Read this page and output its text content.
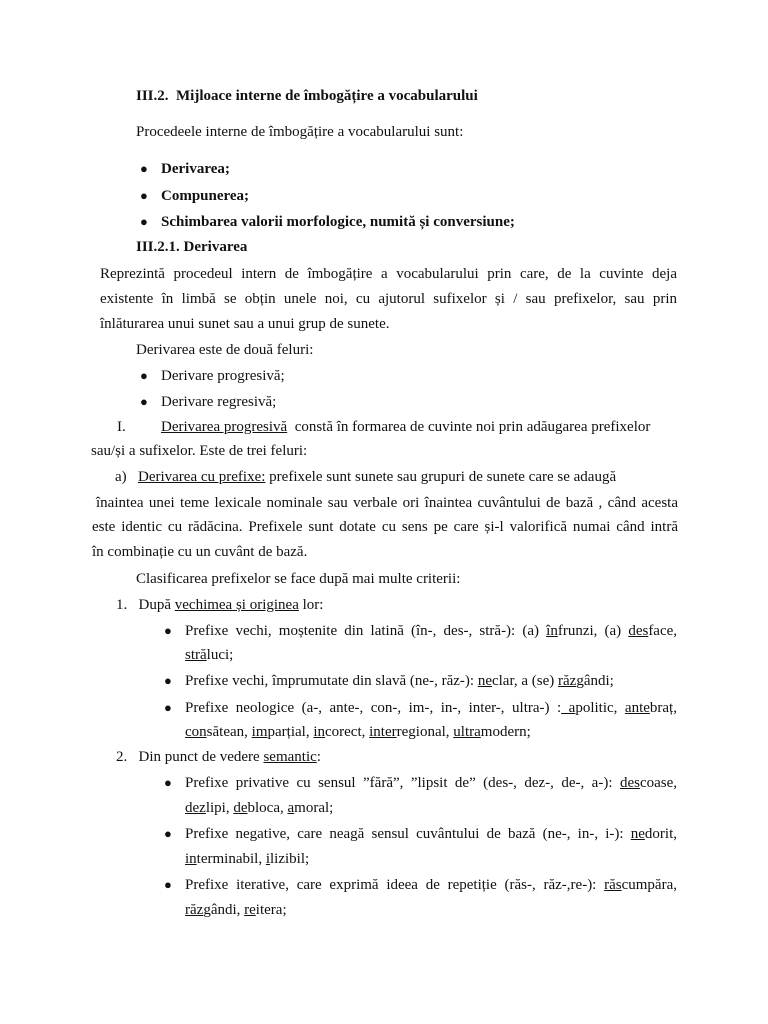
III.2. Mijloace interne de îmbogățire a vocabularului
Procedeele interne de îmbogățire a vocabularului sunt:
● Derivarea;
● Compunerea;
● Schimbarea valorii morfologice, numită și conversiune;
III.2.1. Derivarea
Reprezintă procedeul intern de îmbogățire a vocabularului prin care, de la cuvinte deja
existente în limbă se obțin unele noi, cu ajutorul sufixelor și / sau prefixelor, sau prin
înlăturarea unui sunet sau a unui grup de sunete.
Derivarea este de două feluri:
● Derivare progresivă;
● Derivare regresivă;
I. Derivarea progresivă constă în formarea de cuvinte noi prin adăugarea prefixelor
sau/și a sufixelor. Este de trei feluri:
a) Derivarea cu prefixe: prefixele sunt sunete sau grupuri de sunete care se adaugă
înaintea unei teme lexicale nominale sau verbale ori înaintea cuvântului de bază , când acesta
este identic cu rădăcina. Prefixele sunt dotate cu sens pe care și-l valorifică numai când intră
în combinație cu un cuvânt de bază.
Clasificarea prefixelor se face după mai multe criterii:
1. După vechimea și originea lor:
● Prefixe vechi, moștenite din latină (în-, des-, stră-): (a) înfrunzi, (a) desface,
străluci;
● Prefixe vechi, împrumutate din slavă (ne-, răz-): neclar, a (se) răzgândi;
● Prefixe neologice (a-, ante-, con-, im-, in-, inter-, ultra-) : apolitic, antebraț,
consătean, imparțial, incorect, interregional, ultramodern;
2. Din punct de vedere semantic:
● Prefixe privative cu sensul ”fără”, ”lipsit de” (des-, dez-, de-, a-): descoase,
dezlipi, debloca, amoral;
● Prefixe negative, care neagă sensul cuvântului de bază (ne-, in-, i-): nedorit,
interminabil, ilizibil;
● Prefixe iterative, care exprimă ideea de repetiție (răs-, răz-,re-): răscumpăra,
răzgândi, reitera;
